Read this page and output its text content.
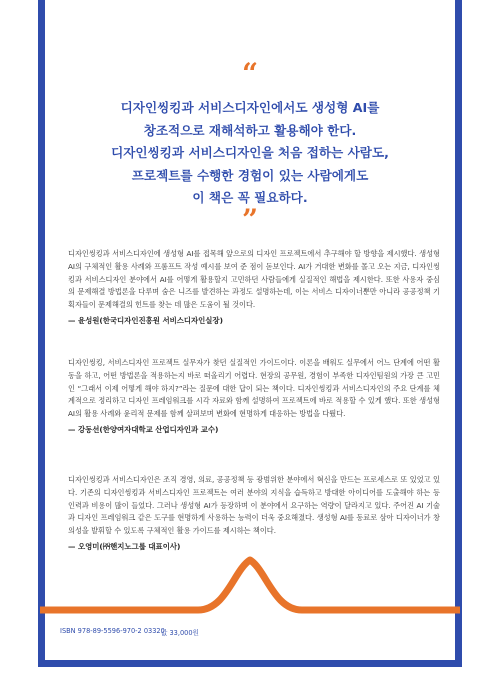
“
디자인씽킹과 서비스디자인에서도 생성형 AI를
창조적으로 재해석하고 활용해야 한다.
디자인씽킹과 서비스디자인을 처음 접하는 사람도,
프로젝트를 수행한 경험이 있는 사람에게도
이 책은 꼭 필요하다.
”
디자인씽킹과 서비스디자인에 생성형 AI를 접목해 앞으로의 디자인 프로젝트에서 추구해야 할 방향을 제시했다. 생성형 AI의 구체적인 활용 사례와 프롬프트 작성 예시를 보여 준 점이 돋보인다. AI가 거대한 변화를 몰고 오는 지금, 디자인씽킹과 서비스디자인 분야에서 AI를 어떻게 활용할지 고민하던 사람들에게 실질적인 해법을 제시한다. 또한 사용자 중심의 문제해결 방법론을 다루며 숨은 니즈를 발견하는 과정도 설명하는데, 이는 서비스 디자이너뿐만 아니라 공공정책 기획자들이 문제해결의 힌트를 찾는 데 많은 도움이 될 것이다.
— 윤성원(한국디자인진흥원 서비스디자인실장)
디자인씽킹, 서비스디자인 프로젝트 실무자가 찾던 실질적인 가이드이다. 이론을 배워도 실무에서 어느 단계에 어떤 활동을 하고, 어떤 방법론을 적용하는지 바로 떠올리기 어렵다. 현장의 공무원, 경험이 부족한 디자인팀원의 가장 큰 고민인 “그래서 이제 어떻게 해야 하지?”라는 질문에 대한 답이 되는 책이다. 디자인씽킹과 서비스디자인의 주요 단계를 체계적으로 정리하고 디자인 프레임워크를 시각 자료와 함께 설명하여 프로젝트에 바로 적용할 수 있게 했다. 또한 생성형 AI의 활용 사례와 윤리적 문제를 함께 살펴보며 변화에 현명하게 대응하는 방법을 다뤘다.
— 강동선(한양여자대학교 산업디자인과 교수)
디자인씽킹과 서비스디자인은 조직 경영, 의료, 공공정책 등 광범위한 분야에서 혁신을 만드는 프로세스로 또 있었고 있다. 기존의 디자인씽킹과 서비스디자인 프로젝트는 여러 분야의 지식을 습득하고 방대한 아이디어를 도출해야 하는 등 인력과 비용이 많이 들었다. 그러나 생성형 AI가 등장하며 이 분야에서 요구하는 역량이 달라지고 있다. 주어진 AI 기술과 디자인 프레임워크 같은 도구를 현명하게 사용하는 능력이 더욱 중요해졌다. 생성형 AI를 동료로 삼아 디자이너가 창의성을 발휘할 수 있도록 구체적인 활용 가이드를 제시하는 책이다.
— 오영미(㈜핸지노그룹 대표이사)
ISBN 978-89-5596-970-2 03320
값 33,000원
